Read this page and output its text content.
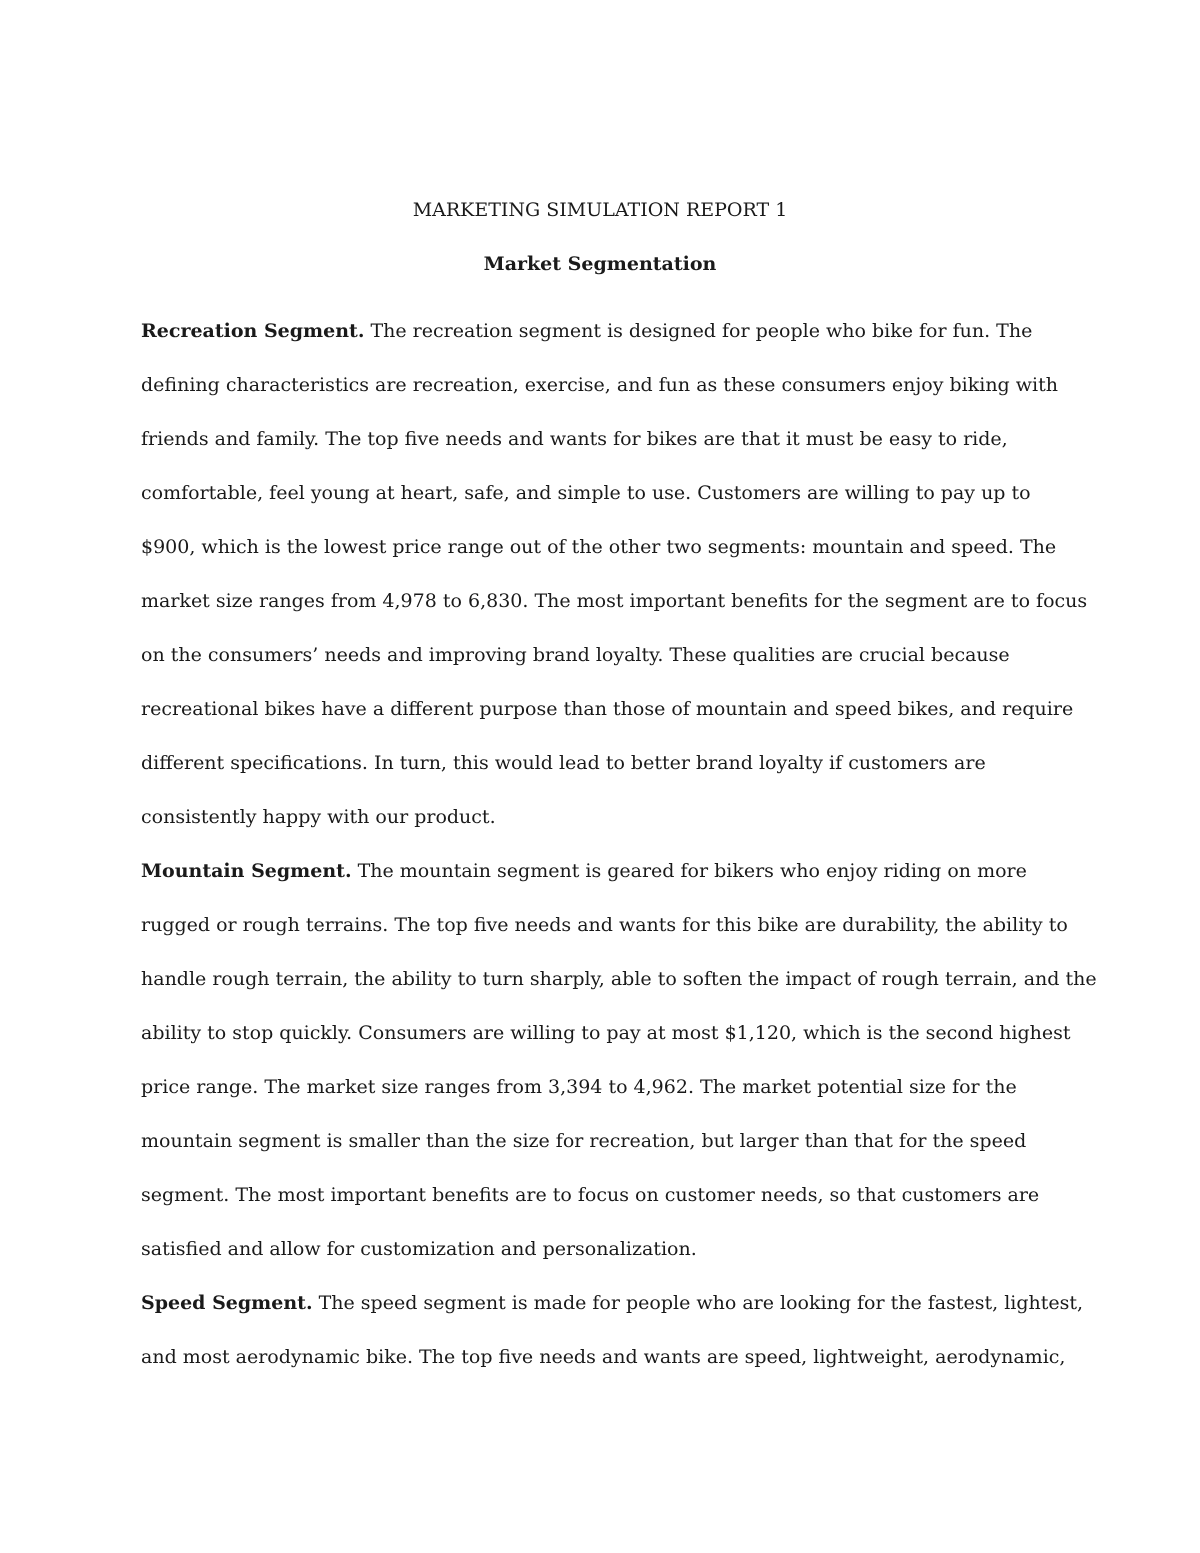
MARKETING SIMULATION REPORT 1
Market Segmentation
Recreation Segment. The recreation segment is designed for people who bike for fun. The
defining characteristics are recreation, exercise, and fun as these consumers enjoy biking with
friends and family. The top five needs and wants for bikes are that it must be easy to ride,
comfortable, feel young at heart, safe, and simple to use. Customers are willing to pay up to
$900, which is the lowest price range out of the other two segments: mountain and speed. The
market size ranges from 4,978 to 6,830. The most important benefits for the segment are to focus
on the consumers’ needs and improving brand loyalty. These qualities are crucial because
recreational bikes have a different purpose than those of mountain and speed bikes, and require
different specifications. In turn, this would lead to better brand loyalty if customers are
consistently happy with our product.
Mountain Segment. The mountain segment is geared for bikers who enjoy riding on more
rugged or rough terrains. The top five needs and wants for this bike are durability, the ability to
handle rough terrain, the ability to turn sharply, able to soften the impact of rough terrain, and the
ability to stop quickly. Consumers are willing to pay at most $1,120, which is the second highest
price range. The market size ranges from 3,394 to 4,962. The market potential size for the
mountain segment is smaller than the size for recreation, but larger than that for the speed
segment. The most important benefits are to focus on customer needs, so that customers are
satisfied and allow for customization and personalization.
Speed Segment. The speed segment is made for people who are looking for the fastest, lightest,
and most aerodynamic bike. The top five needs and wants are speed, lightweight, aerodynamic,
